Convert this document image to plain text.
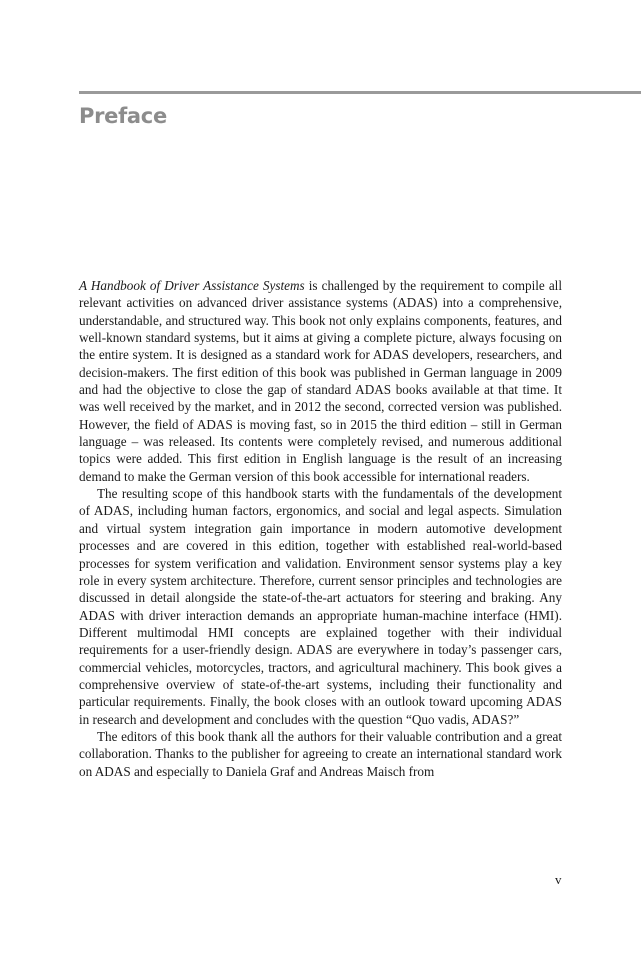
Preface

A Handbook of Driver Assistance Systems is challenged by the requirement to compile all relevant activities on advanced driver assistance systems (ADAS) into a comprehensive, understandable, and structured way. This book not only explains components, features, and well-known standard systems, but it aims at giving a complete picture, always focusing on the entire system. It is designed as a standard work for ADAS developers, researchers, and decision-makers. The first edition of this book was published in German language in 2009 and had the objective to close the gap of standard ADAS books available at that time. It was well received by the market, and in 2012 the second, corrected version was published. However, the field of ADAS is moving fast, so in 2015 the third edition – still in German language – was released. Its contents were completely revised, and numerous additional topics were added. This first edition in English language is the result of an increasing demand to make the German version of this book accessible for international readers.

The resulting scope of this handbook starts with the fundamentals of the development of ADAS, including human factors, ergonomics, and social and legal aspects. Simulation and virtual system integration gain importance in modern automotive development processes and are covered in this edition, together with established real-world-based processes for system verification and validation. Environment sensor systems play a key role in every system architecture. Therefore, current sensor principles and technologies are discussed in detail alongside the state-of-the-art actuators for steering and braking. Any ADAS with driver interaction demands an appropriate human-machine interface (HMI). Different multimodal HMI concepts are explained together with their individual requirements for a user-friendly design. ADAS are everywhere in today’s passenger cars, commercial vehicles, motorcycles, tractors, and agricultural machinery. This book gives a comprehensive overview of state-of-the-art systems, including their functionality and particular requirements. Finally, the book closes with an outlook toward upcoming ADAS in research and development and concludes with the question “Quo vadis, ADAS?”

The editors of this book thank all the authors for their valuable contribution and a great collaboration. Thanks to the publisher for agreeing to create an international standard work on ADAS and especially to Daniela Graf and Andreas Maisch from

v
